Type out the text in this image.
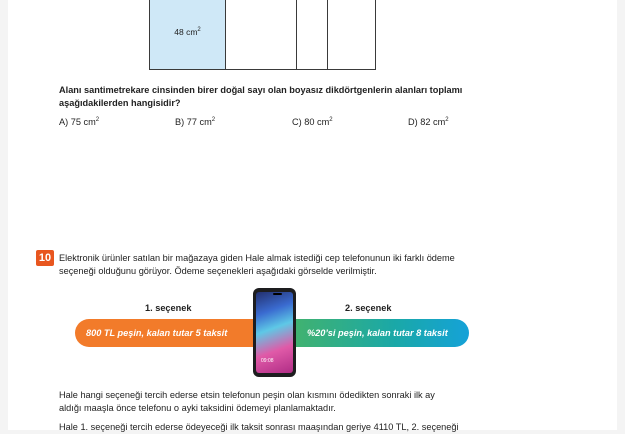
48 $cm^2$
Alanı santimetrekare cinsinden birer doğal sayı olan boyasız dikdörtgenlerin alanları toplamı
aşağıdakilerden hangisidir?
A) 75 $cm^2$	B) 77 $cm^2$	C) 80 $cm^2$	D) 82 $cm^2$
10 Elektronik ürünler satılan bir mağazaya giden Hale almak istediği cep telefonunun iki farklı ödeme
seçeneği olduğunu görüyor. Ödeme seçenekleri aşağıdaki görselde verilmiştir.
1. seçenek	2. seçenek
800 TL peşin, kalan tutar 5 taksit	%20’si peşin, kalan tutar 8 taksit
09:08
Hale hangi seçeneği tercih ederse etsin telefonun peşin olan kısmını ödedikten sonraki ilk ay
aldığı maaşla önce telefonu o ayki taksidini ödemeyi planlamaktadır.
Hale 1. seçeneği tercih ederse ödeyeceği ilk taksit sonrası maaşından geriye 4110 TL, 2. seçeneği
